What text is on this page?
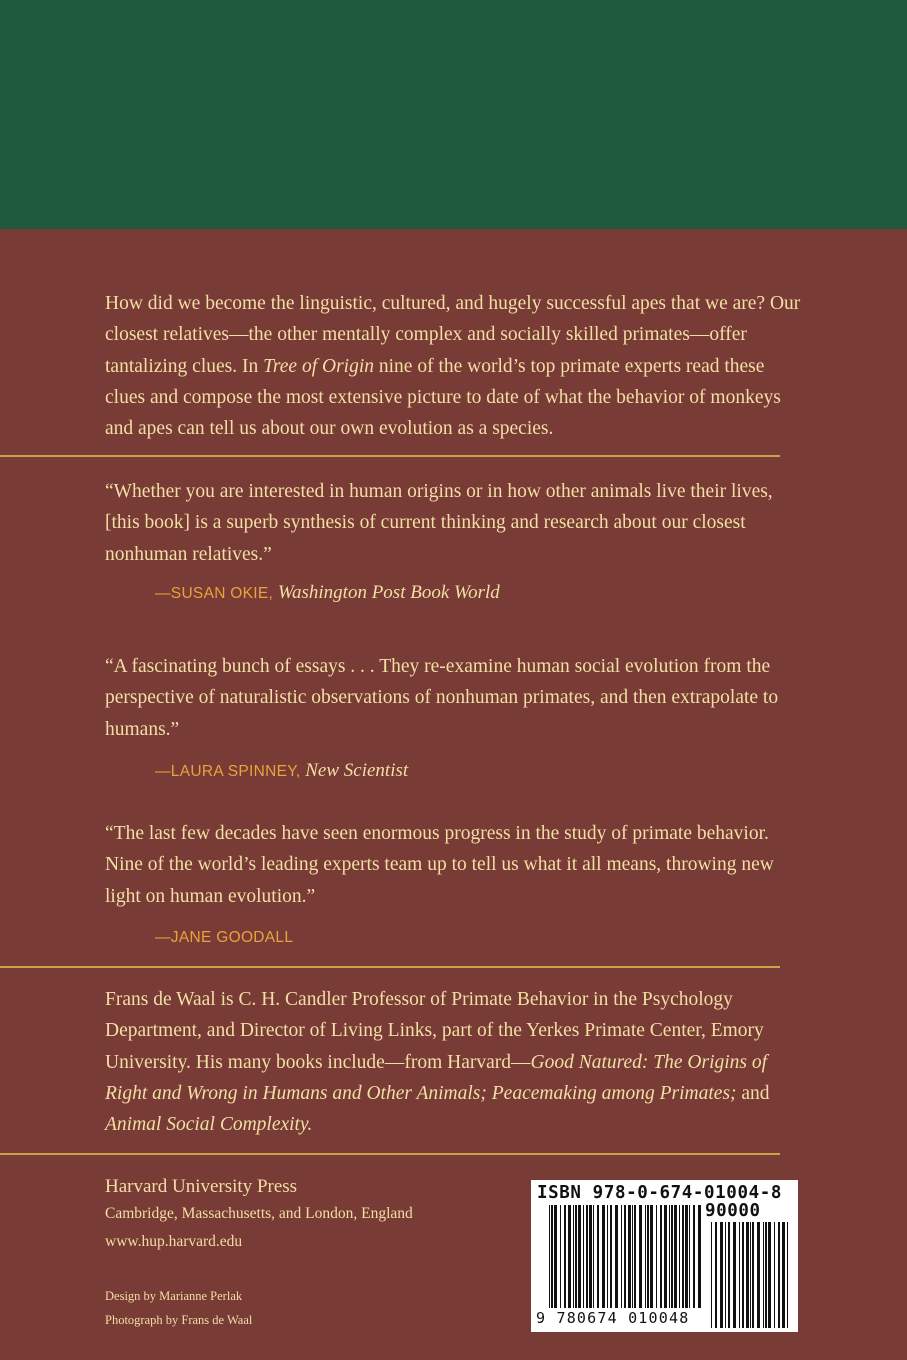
How did we become the linguistic, cultured, and hugely successful apes that we are? Our closest relatives—the other mentally complex and socially skilled primates—offer tantalizing clues. In Tree of Origin nine of the world’s top primate experts read these clues and compose the most extensive picture to date of what the behavior of monkeys and apes can tell us about our own evolution as a species.
“Whether you are interested in human origins or in how other animals live their lives, [this book] is a superb synthesis of current thinking and research about our closest nonhuman relatives.”
—SUSAN OKIE, Washington Post Book World
“A fascinating bunch of essays . . . They re-examine human social evolution from the perspective of naturalistic observations of nonhuman primates, and then extrapolate to humans.”
—LAURA SPINNEY, New Scientist
“The last few decades have seen enormous progress in the study of primate behavior. Nine of the world’s leading experts team up to tell us what it all means, throwing new light on human evolution.”
—JANE GOODALL
Frans de Waal is C. H. Candler Professor of Primate Behavior in the Psychology Department, and Director of Living Links, part of the Yerkes Primate Center, Emory University. His many books include—from Harvard—Good Natured: The Origins of Right and Wrong in Humans and Other Animals; Peacemaking among Primates; and Animal Social Complexity.
Harvard University Press
Cambridge, Massachusetts, and London, England
www.hup.harvard.edu
Design by Marianne Perlak
Photograph by Frans de Waal
ISBN 978-0-674-01004-8
90000
9 780674 010048
